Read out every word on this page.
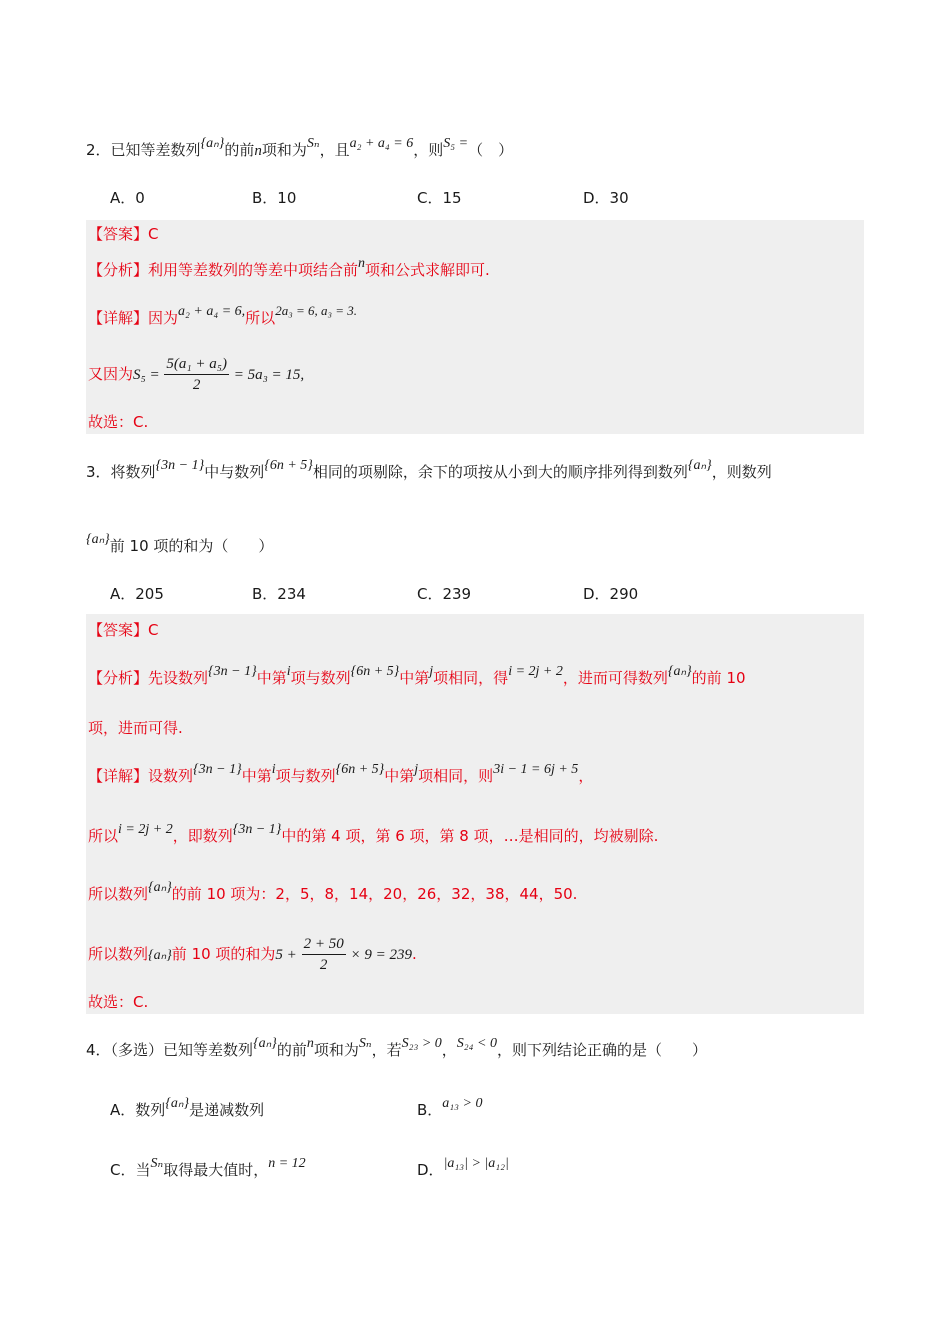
2．已知等差数列{aₙ}的前n项和为Sₙ，且a₂ + a₄ = 6，则S₅ =（　）
A．0	B．10	C．15	D．30
【答案】C
【分析】利用等差数列的等差中项结合前n项和公式求解即可.
【详解】因为a₂ + a₄ = 6,所以2a₃ = 6, a₃ = 3.
又因为$S_5 = \frac{\text{5(a₁ + a₅)}}{2} = 5a_3 = 15$,
故选：C.
3．将数列{3n − 1}中与数列{6n + 5}相同的项剔除，余下的项按从小到大的顺序排列得到数列{aₙ}，则数列
{aₙ}前 10 项的和为（　　）
A．205	B．234	C．239	D．290
【答案】C
【分析】先设数列{3n − 1}中第i项与数列{6n + 5}中第j项相同，得i = 2j + 2，进而可得数列{aₙ}的前 10
项，进而可得.
【详解】设数列{3n − 1}中第i项与数列{6n + 5}中第j项相同，则3i − 1 = 6j + 5，
所以i = 2j + 2，即数列{3n − 1}中的第 4 项，第 6 项，第 8 项，…是相同的，均被剔除.
所以数列{aₙ}的前 10 项为：2，5，8，14，20，26，32，38，44，50.
所以数列{aₙ}前 10 项的和为$5 + \frac{2 + 50}{2} \times 9 = 239$.
故选：C.
4．（多选）已知等差数列{aₙ}的前n项和为Sₙ，若S₂₃ > 0，S₂₄ < 0，则下列结论正确的是（　　）
A．数列{aₙ}是递减数列	B．a₁₃ > 0
C．当Sₙ取得最大值时，n = 12	D．|a₁₃| > |a₁₂|
